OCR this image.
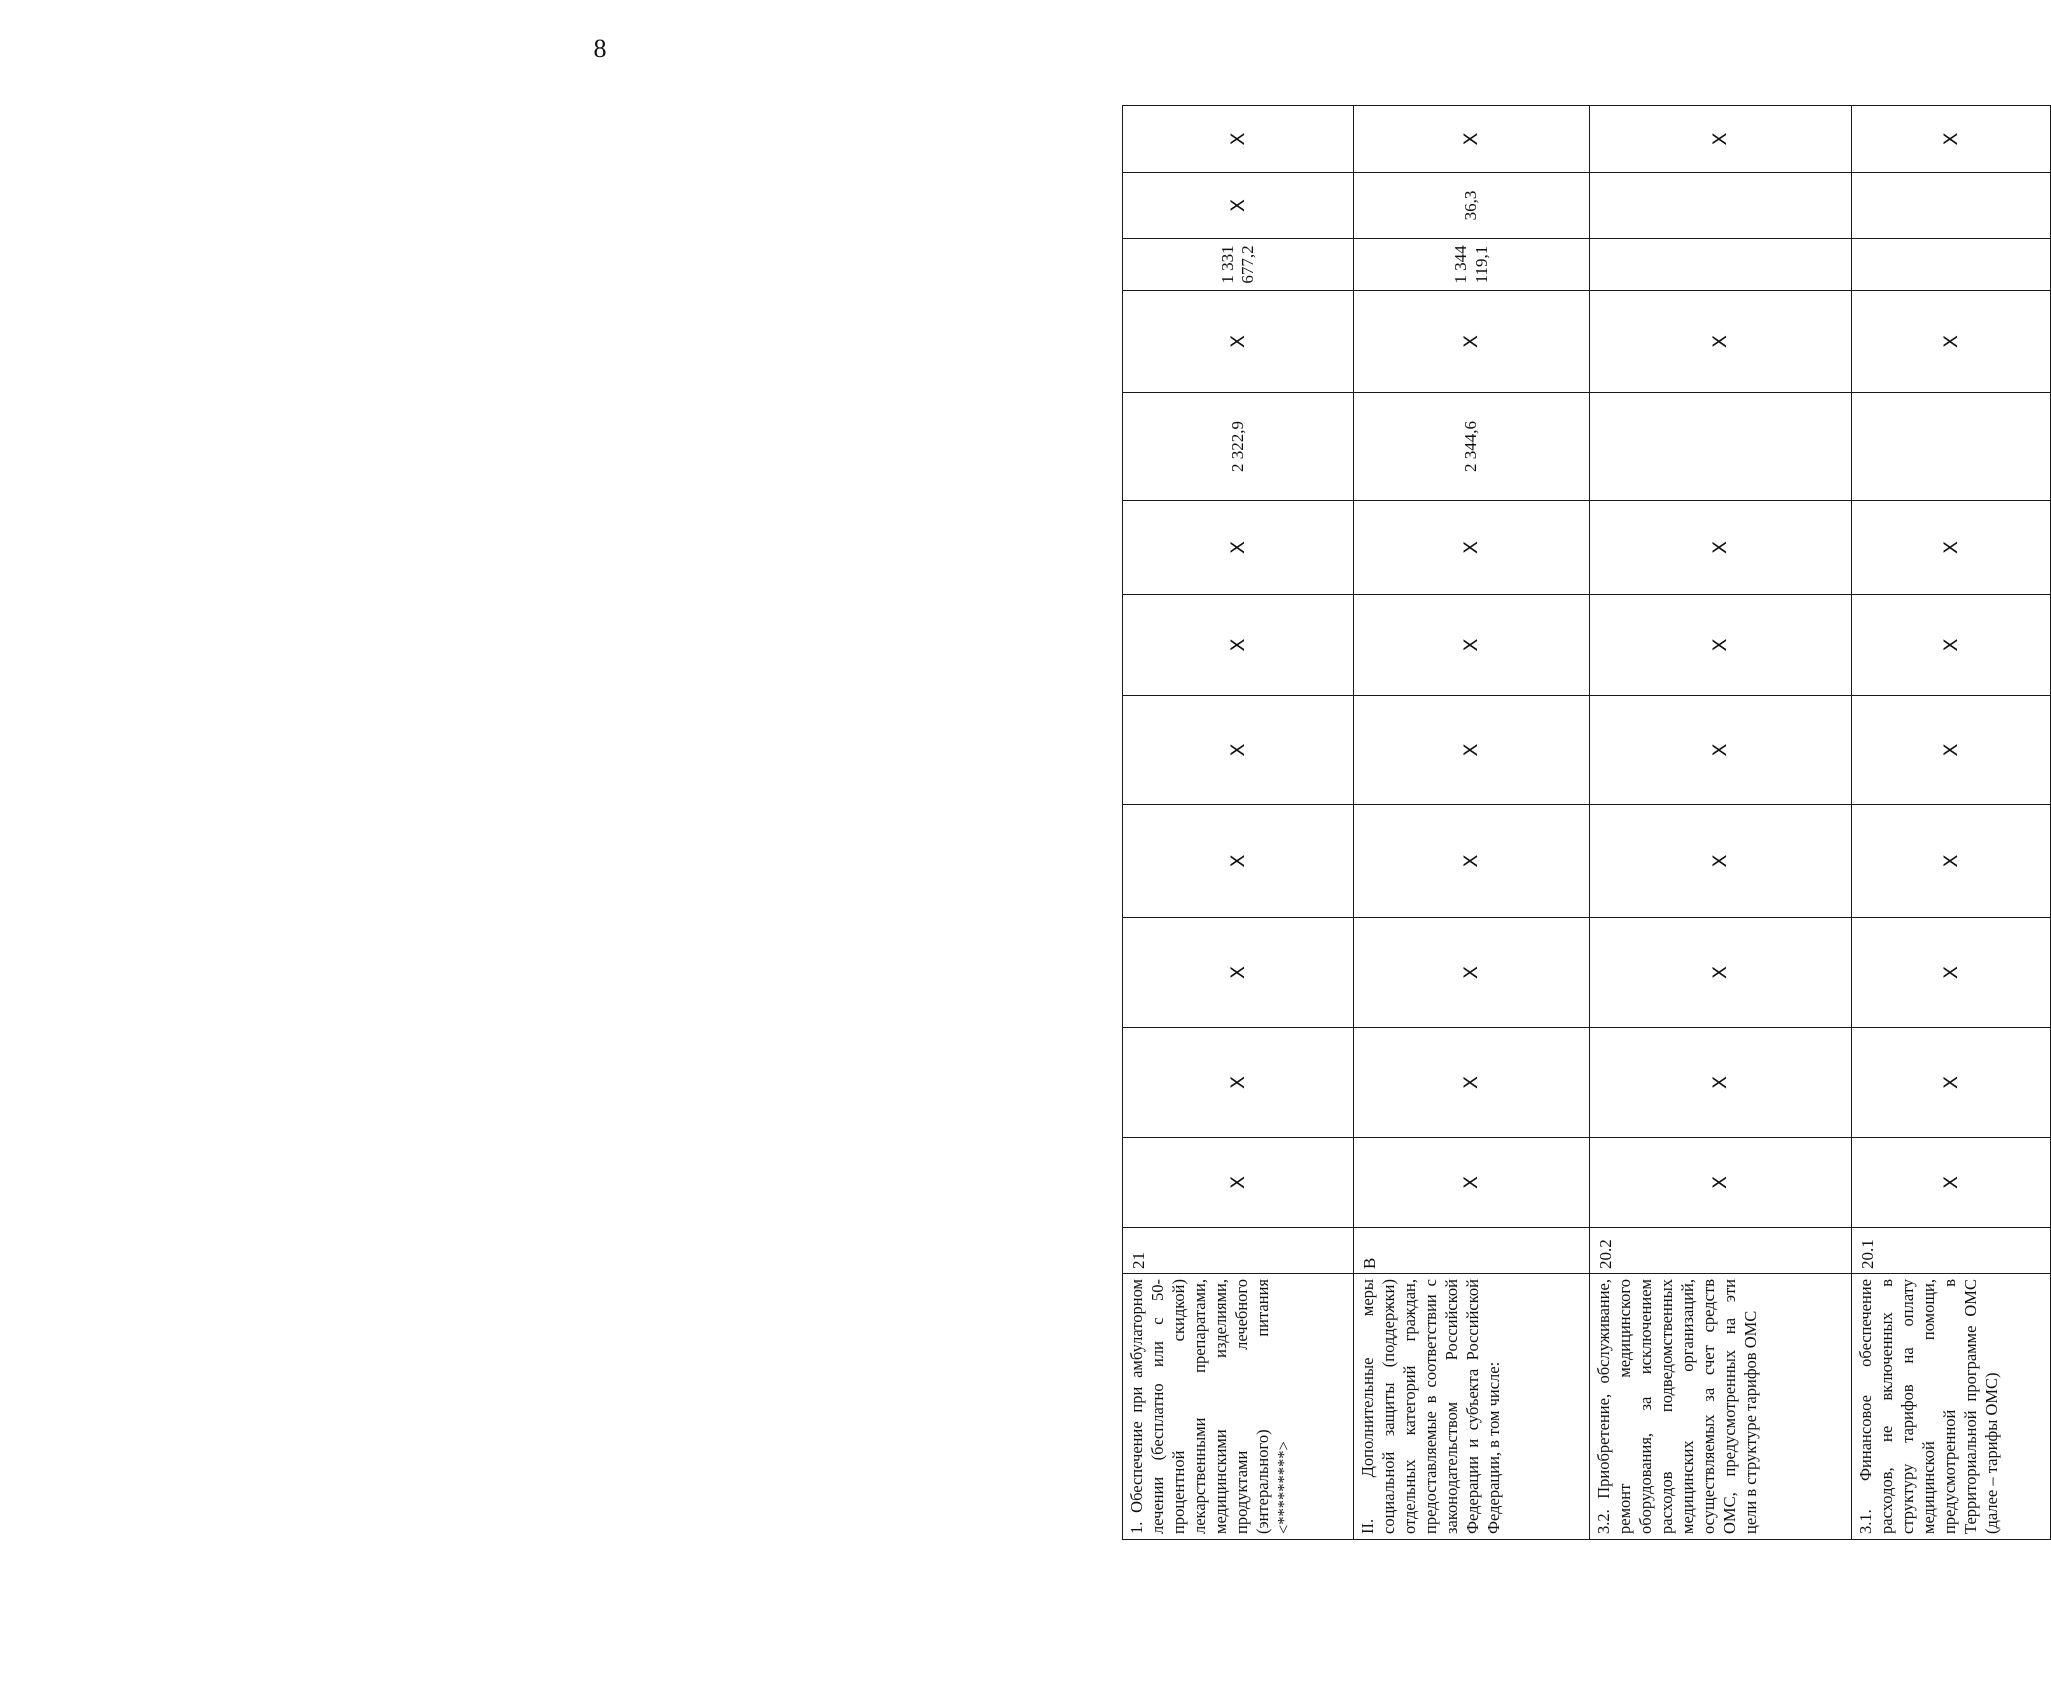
8
1. Обеспечение при амбулаторном лечении (бесплатно или с 50-процентной скидкой) лекарственными препаратами, медицинскими изделиями, продуктами лечебного (энтерального) питания <*********>	21	X	X	X	X	X	X	X	2 322,9	X	1 331 677,2	X	X
II. Дополнительные меры социальной защиты (поддержки) отдельных категорий граждан, предоставляемые в соответствии с законодательством Российской Федерации и субъекта Российской Федерации, в том числе:	В	X	X	X	X	X	X	X	2 344,6	X	1 344 119,1	36,3	X
3.2. Приобретение, обслуживание, ремонт медицинского оборудования, за исключением расходов подведомственных медицинских организаций, осуществляемых за счет средств ОМС, предусмотренных на эти цели в структуре тарифов ОМС	20.2	X	X	X	X	X	X	X		X			X
3.1. Финансовое обеспечение расходов, не включенных в структуру тарифов на оплату медицинской помощи, предусмотренной в Территориальной программе ОМС (далее – тарифы ОМС)	20.1	X	X	X	X	X	X	X		X			X
